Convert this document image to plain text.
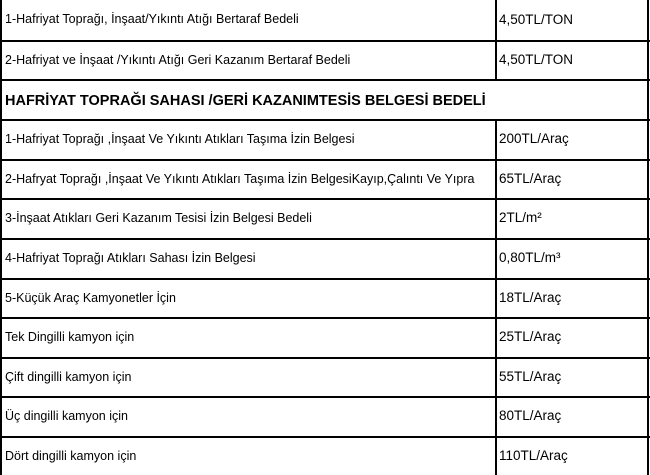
1-Hafriyat Toprağı, İnşaat/Yıkıntı Atığı Bertaraf Bedeli	4,50TL/TON
2-Hafriyat ve İnşaat /Yıkıntı Atığı Geri Kazanım Bertaraf Bedeli	4,50TL/TON
HAFRİYAT TOPRAĞI SAHASI /GERİ KAZANIMTESİS BELGESİ BEDELİ
1-Hafriyat Toprağı ,İnşaat Ve Yıkıntı Atıkları Taşıma İzin Belgesi	200TL/Araç
2-Hafryat Toprağı ,İnşaat Ve Yıkıntı Atıkları Taşıma İzin BelgesiKayıp,Çalıntı Ve Yıpra	65TL/Araç
3-İnşaat Atıkları Geri Kazanım Tesisi İzin Belgesi Bedeli	2TL/m²
4-Hafriyat Toprağı Atıkları Sahası İzin Belgesi	0,80TL/m³
5-Küçük Araç Kamyonetler İçin	18TL/Araç
Tek Dingilli kamyon için	25TL/Araç
Çift dingilli kamyon için	55TL/Araç
Üç dingilli kamyon için	80TL/Araç
Dört dingilli kamyon için	110TL/Araç
